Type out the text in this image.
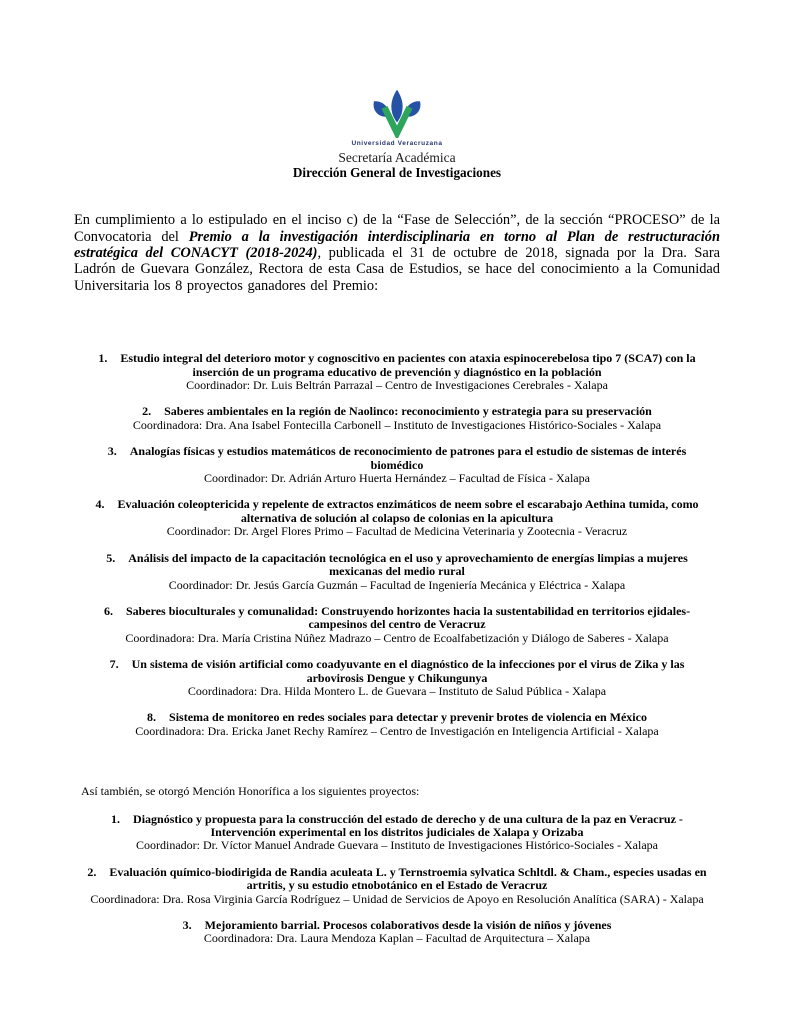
Universidad Veracruzana
Secretaría Académica
Dirección General de Investigaciones

En cumplimiento a lo estipulado en el inciso c) de la “Fase de Selección”, de la sección “PROCESO” de la Convocatoria del Premio a la investigación interdisciplinaria en torno al Plan de restructuración estratégica del CONACYT (2018-2024), publicada el 31 de octubre de 2018, signada por la Dra. Sara Ladrón de Guevara González, Rectora de esta Casa de Estudios, se hace del conocimiento a la Comunidad Universitaria los 8 proyectos ganadores del Premio:

1. Estudio integral del deterioro motor y cognoscitivo en pacientes con ataxia espinocerebelosa tipo 7 (SCA7) con la inserción de un programa educativo de prevención y diagnóstico en la población
Coordinador: Dr. Luis Beltrán Parrazal – Centro de Investigaciones Cerebrales - Xalapa
2. Saberes ambientales en la región de Naolinco: reconocimiento y estrategia para su preservación
Coordinadora: Dra. Ana Isabel Fontecilla Carbonell – Instituto de Investigaciones Histórico-Sociales - Xalapa
3. Analogías físicas y estudios matemáticos de reconocimiento de patrones para el estudio de sistemas de interés biomédico
Coordinador: Dr. Adrián Arturo Huerta Hernández – Facultad de Física - Xalapa
4. Evaluación coleoptericida y repelente de extractos enzimáticos de neem sobre el escarabajo Aethina tumida, como alternativa de solución al colapso de colonias en la apicultura
Coordinador: Dr. Argel Flores Primo – Facultad de Medicina Veterinaria y Zootecnia - Veracruz
5. Análisis del impacto de la capacitación tecnológica en el uso y aprovechamiento de energías limpias a mujeres mexicanas del medio rural
Coordinador: Dr. Jesús García Guzmán – Facultad de Ingeniería Mecánica y Eléctrica - Xalapa
6. Saberes bioculturales y comunalidad: Construyendo horizontes hacia la sustentabilidad en territorios ejidales-campesinos del centro de Veracruz
Coordinadora: Dra. María Cristina Núñez Madrazo – Centro de Ecoalfabetización y Diálogo de Saberes - Xalapa
7. Un sistema de visión artificial como coadyuvante en el diagnóstico de la infecciones por el virus de Zika y las arbovirosis Dengue y Chikungunya
Coordinadora: Dra. Hilda Montero L. de Guevara – Instituto de Salud Pública - Xalapa
8. Sistema de monitoreo en redes sociales para detectar y prevenir brotes de violencia en México
Coordinadora: Dra. Ericka Janet Rechy Ramírez – Centro de Investigación en Inteligencia Artificial - Xalapa

Así también, se otorgó Mención Honorífica a los siguientes proyectos:

1. Diagnóstico y propuesta para la construcción del estado de derecho y de una cultura de la paz en Veracruz - Intervención experimental en los distritos judiciales de Xalapa y Orizaba
Coordinador: Dr. Víctor Manuel Andrade Guevara – Instituto de Investigaciones Histórico-Sociales - Xalapa
2. Evaluación químico-biodirigida de Randia aculeata L. y Ternstroemia sylvatica Schltdl. & Cham., especies usadas en artritis, y su estudio etnobotánico en el Estado de Veracruz
Coordinadora: Dra. Rosa Virginia García Rodríguez – Unidad de Servicios de Apoyo en Resolución Analítica (SARA) - Xalapa
3. Mejoramiento barrial. Procesos colaborativos desde la visión de niños y jóvenes
Coordinadora: Dra. Laura Mendoza Kaplan – Facultad de Arquitectura – Xalapa
